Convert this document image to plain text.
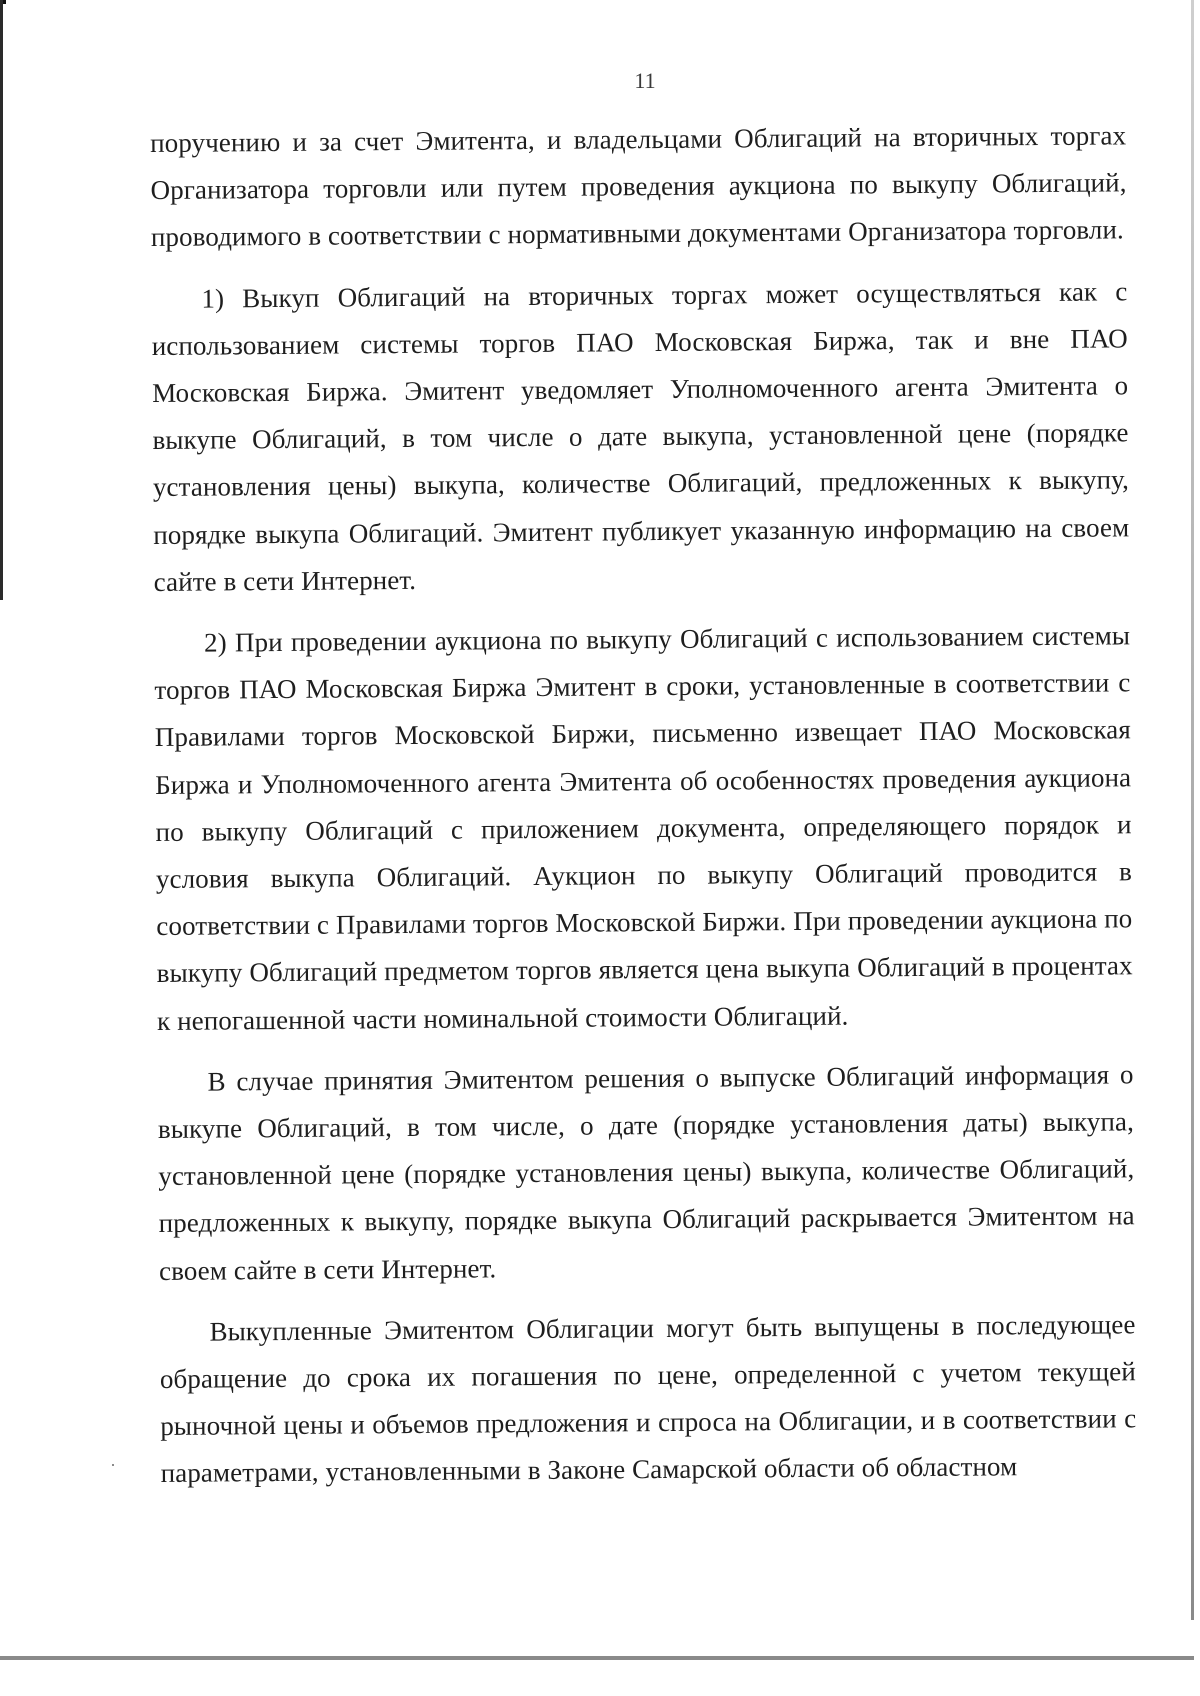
11

поручению и за счет Эмитента, и владельцами Облигаций на вторичных торгах Организатора торговли или путем проведения аукциона по выкупу Облигаций, проводимого в соответствии с нормативными документами Организатора торговли.

1) Выкуп Облигаций на вторичных торгах может осуществляться как с использованием системы торгов ПАО Московская Биржа, так и вне ПАО Московская Биржа. Эмитент уведомляет Уполномоченного агента Эмитента о выкупе Облигаций, в том числе о дате выкупа, установленной цене (порядке установления цены) выкупа, количестве Облигаций, предложенных к выкупу, порядке выкупа Облигаций. Эмитент публикует указанную информацию на своем сайте в сети Интернет.

2) При проведении аукциона по выкупу Облигаций с использованием системы торгов ПАО Московская Биржа Эмитент в сроки, установленные в соответствии с Правилами торгов Московской Биржи, письменно извещает ПАО Московская Биржа и Уполномоченного агента Эмитента об особенностях проведения аукциона по выкупу Облигаций с приложением документа, определяющего порядок и условия выкупа Облигаций. Аукцион по выкупу Облигаций проводится в соответствии с Правилами торгов Московской Биржи. При проведении аукциона по выкупу Облигаций предметом торгов является цена выкупа Облигаций в процентах к непогашенной части номинальной стоимости Облигаций.

В случае принятия Эмитентом решения о выпуске Облигаций информация о выкупе Облигаций, в том числе, о дате (порядке установления даты) выкупа, установленной цене (порядке установления цены) выкупа, количестве Облигаций, предложенных к выкупу, порядке выкупа Облигаций раскрывается Эмитентом на своем сайте в сети Интернет.

Выкупленные Эмитентом Облигации могут быть выпущены в последующее обращение до срока их погашения по цене, определенной с учетом текущей рыночной цены и объемов предложения и спроса на Облигации, и в соответствии с параметрами, установленными в Законе Самарской области об областном
